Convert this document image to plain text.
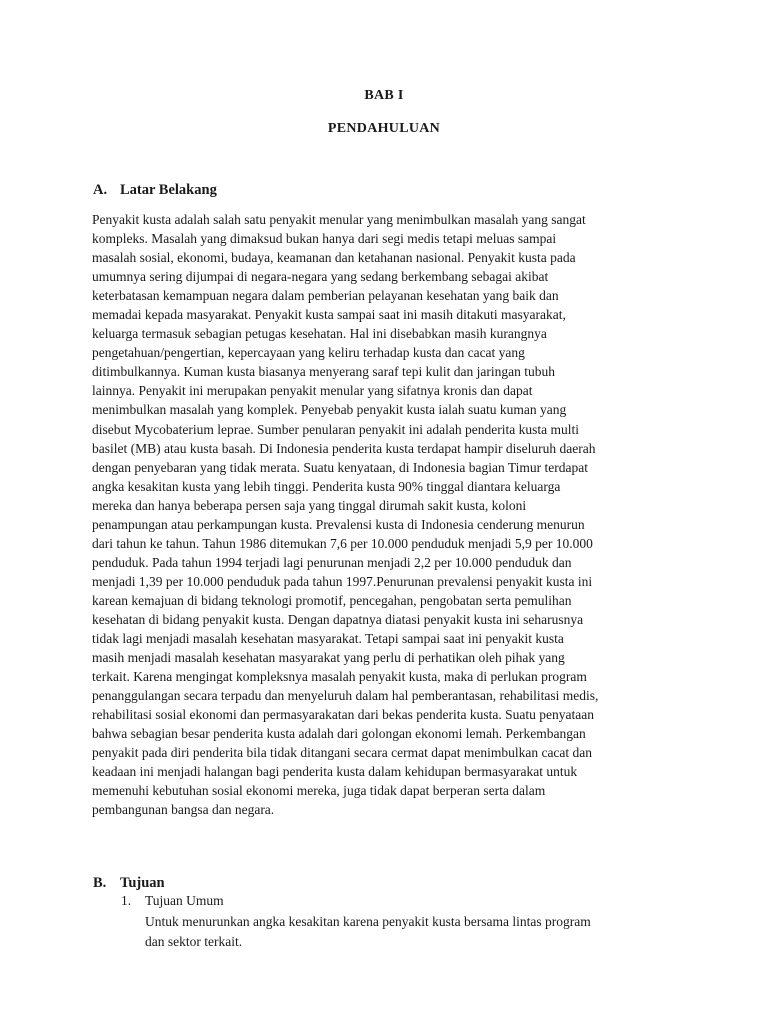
BAB I
PENDAHULUAN
A. Latar Belakang
Penyakit kusta adalah salah satu penyakit menular yang menimbulkan masalah yang sangat
kompleks. Masalah yang dimaksud bukan hanya dari segi medis tetapi meluas sampai
masalah sosial, ekonomi, budaya, keamanan dan ketahanan nasional. Penyakit kusta pada
umumnya sering dijumpai di negara-negara yang sedang berkembang sebagai akibat
keterbatasan kemampuan negara dalam pemberian pelayanan kesehatan yang baik dan
memadai kepada masyarakat. Penyakit kusta sampai saat ini masih ditakuti masyarakat,
keluarga termasuk sebagian petugas kesehatan. Hal ini disebabkan masih kurangnya
pengetahuan/pengertian, kepercayaan yang keliru terhadap kusta dan cacat yang
ditimbulkannya. Kuman kusta biasanya menyerang saraf tepi kulit dan jaringan tubuh
lainnya. Penyakit ini merupakan penyakit menular yang sifatnya kronis dan dapat
menimbulkan masalah yang komplek. Penyebab penyakit kusta ialah suatu kuman yang
disebut Mycobaterium leprae. Sumber penularan penyakit ini adalah penderita kusta multi
basilet (MB) atau kusta basah. Di Indonesia penderita kusta terdapat hampir diseluruh daerah
dengan penyebaran yang tidak merata. Suatu kenyataan, di Indonesia bagian Timur terdapat
angka kesakitan kusta yang lebih tinggi. Penderita kusta 90% tinggal diantara keluarga
mereka dan hanya beberapa persen saja yang tinggal dirumah sakit kusta, koloni
penampungan atau perkampungan kusta. Prevalensi kusta di Indonesia cenderung menurun
dari tahun ke tahun. Tahun 1986 ditemukan 7,6 per 10.000 penduduk menjadi 5,9 per 10.000
penduduk. Pada tahun 1994 terjadi lagi penurunan menjadi 2,2 per 10.000 penduduk dan
menjadi 1,39 per 10.000 penduduk pada tahun 1997.Penurunan prevalensi penyakit kusta ini
karean kemajuan di bidang teknologi promotif, pencegahan, pengobatan serta pemulihan
kesehatan di bidang penyakit kusta. Dengan dapatnya diatasi penyakit kusta ini seharusnya
tidak lagi menjadi masalah kesehatan masyarakat. Tetapi sampai saat ini penyakit kusta
masih menjadi masalah kesehatan masyarakat yang perlu di perhatikan oleh pihak yang
terkait. Karena mengingat kompleksnya masalah penyakit kusta, maka di perlukan program
penanggulangan secara terpadu dan menyeluruh dalam hal pemberantasan, rehabilitasi medis,
rehabilitasi sosial ekonomi dan permasyarakatan dari bekas penderita kusta. Suatu penyataan
bahwa sebagian besar penderita kusta adalah dari golongan ekonomi lemah. Perkembangan
penyakit pada diri penderita bila tidak ditangani secara cermat dapat menimbulkan cacat dan
keadaan ini menjadi halangan bagi penderita kusta dalam kehidupan bermasyarakat untuk
memenuhi kebutuhan sosial ekonomi mereka, juga tidak dapat berperan serta dalam
pembangunan bangsa dan negara.
B. Tujuan
1. Tujuan Umum
Untuk menurunkan angka kesakitan karena penyakit kusta bersama lintas program
dan sektor terkait.
